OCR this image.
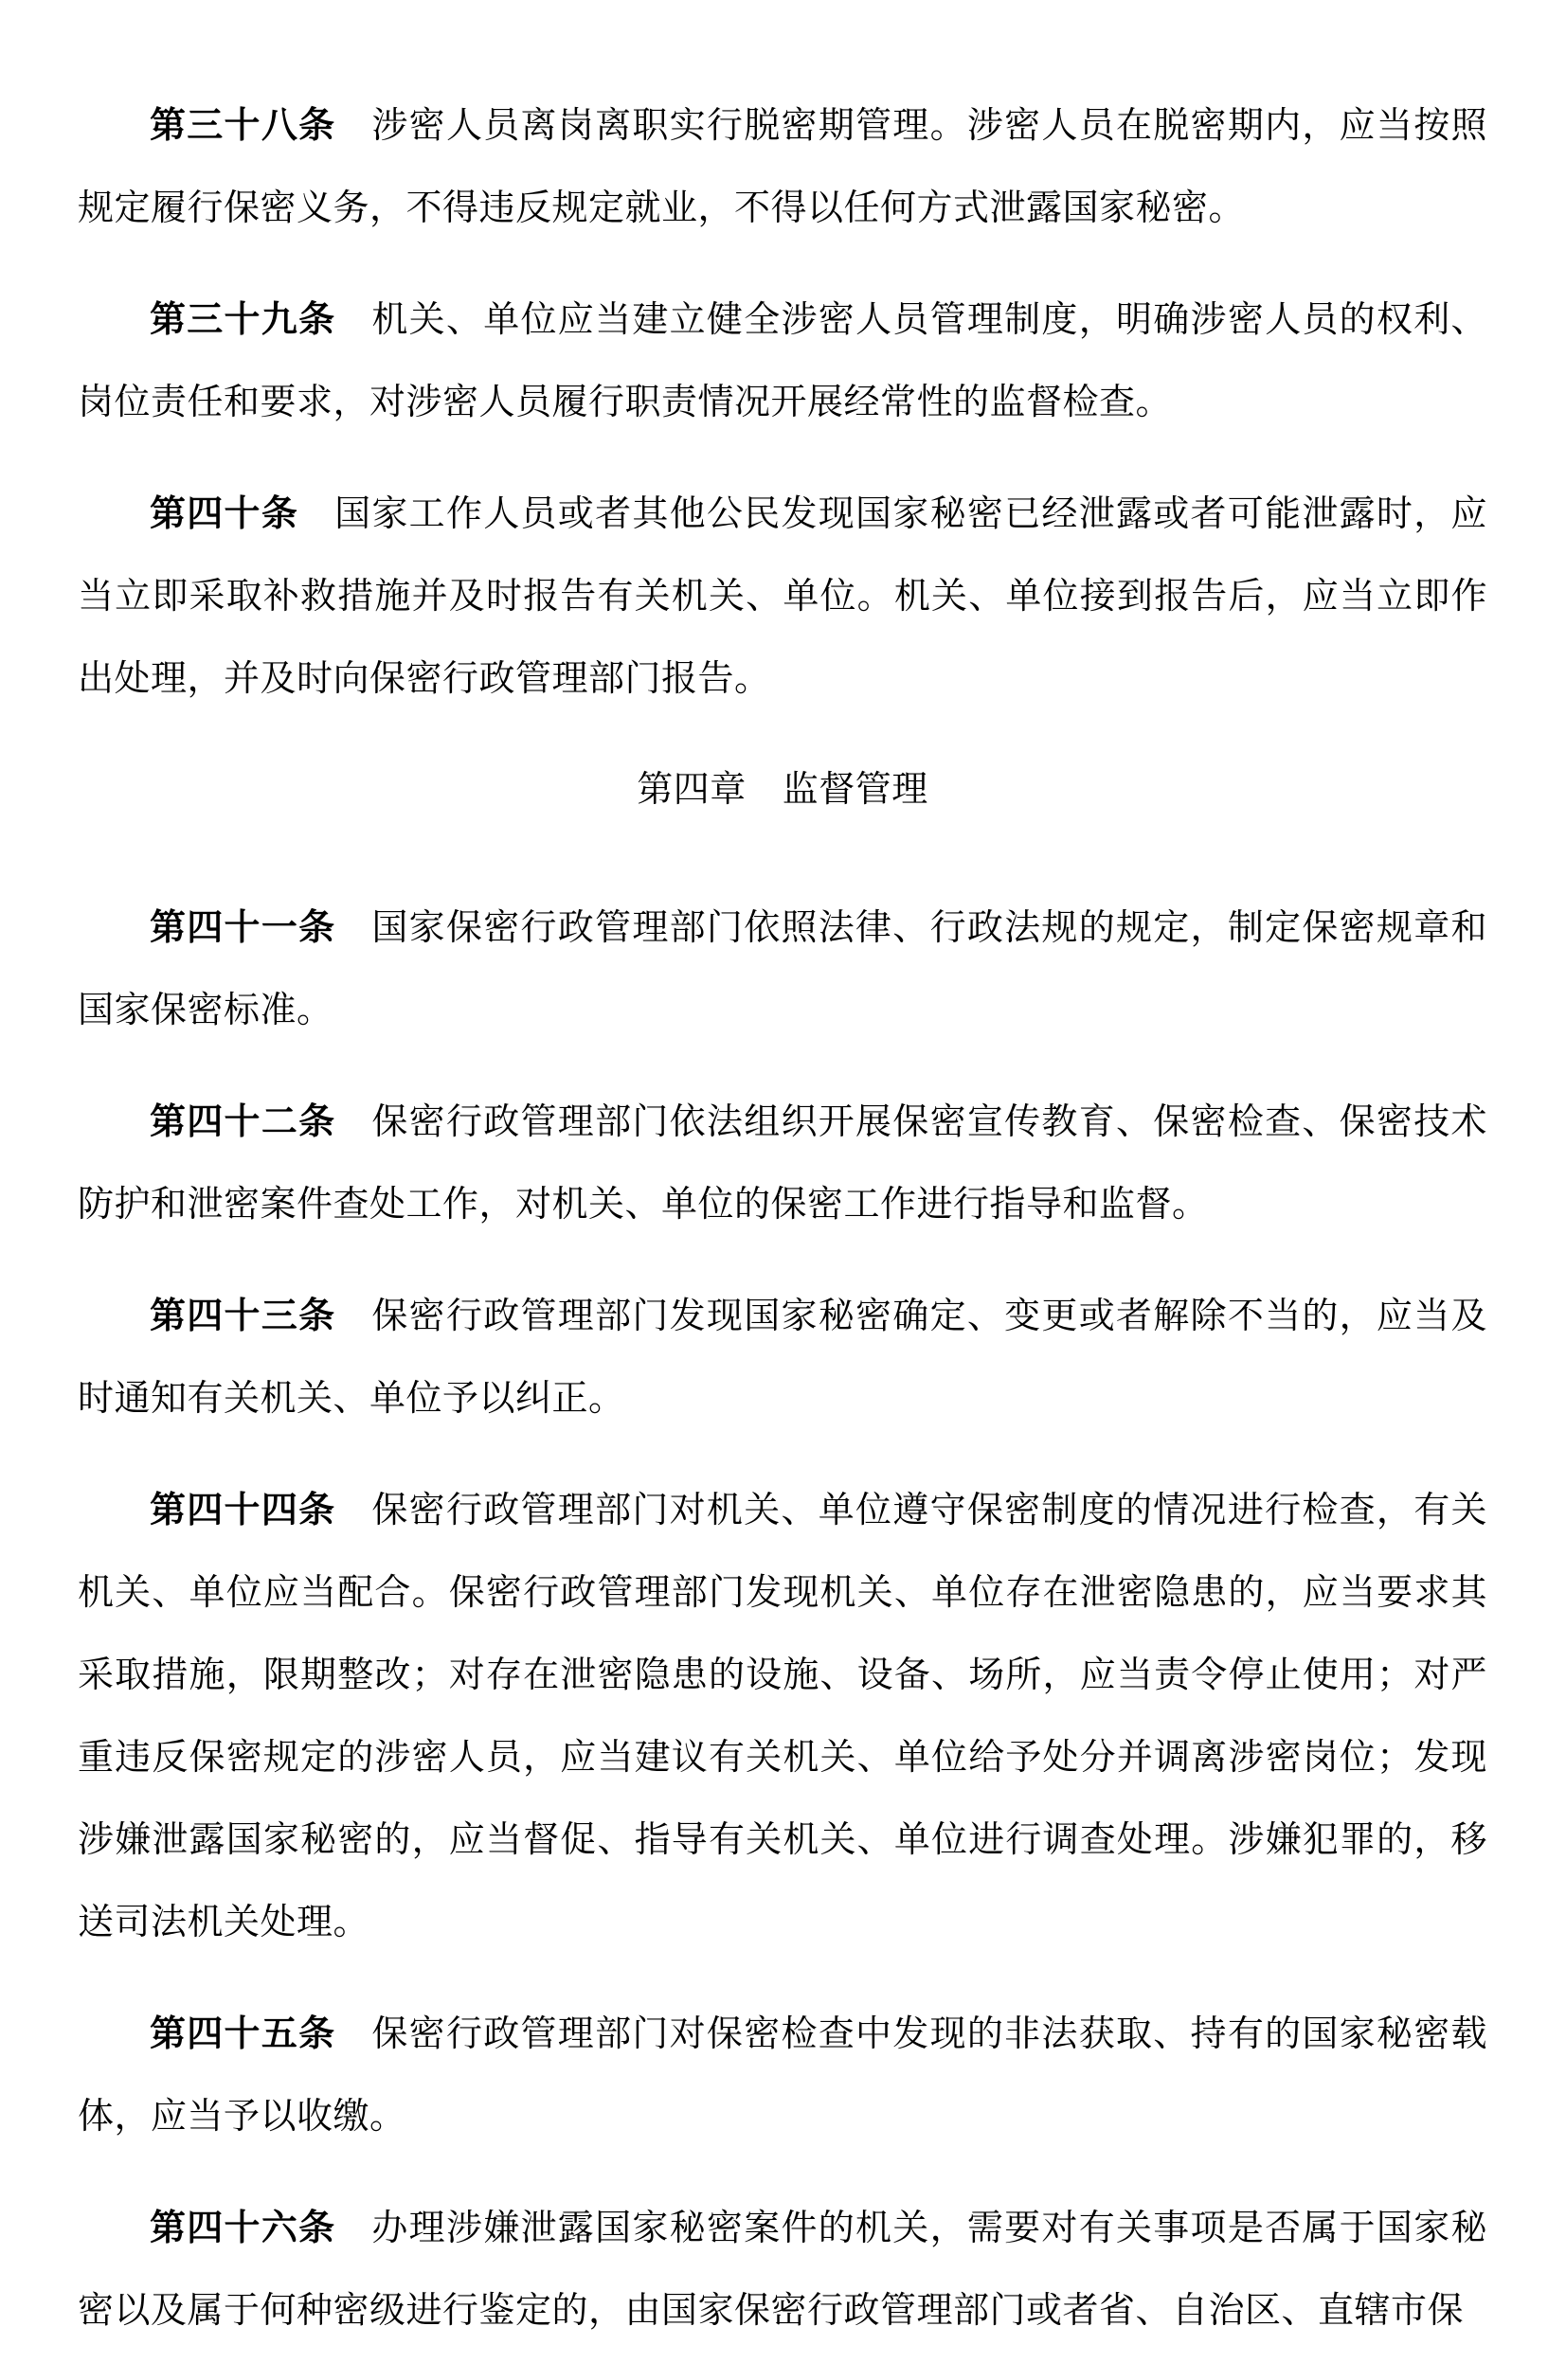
第三十八条 涉密人员离岗离职实行脱密期管理。涉密人员在脱密期内，应当按照规定履行保密义务，不得违反规定就业，不得以任何方式泄露国家秘密。

第三十九条 机关、单位应当建立健全涉密人员管理制度，明确涉密人员的权利、岗位责任和要求，对涉密人员履行职责情况开展经常性的监督检查。

第四十条 国家工作人员或者其他公民发现国家秘密已经泄露或者可能泄露时，应当立即采取补救措施并及时报告有关机关、单位。机关、单位接到报告后，应当立即作出处理，并及时向保密行政管理部门报告。

第四章 监督管理

第四十一条 国家保密行政管理部门依照法律、行政法规的规定，制定保密规章和国家保密标准。

第四十二条 保密行政管理部门依法组织开展保密宣传教育、保密检查、保密技术防护和泄密案件查处工作，对机关、单位的保密工作进行指导和监督。

第四十三条 保密行政管理部门发现国家秘密确定、变更或者解除不当的，应当及时通知有关机关、单位予以纠正。

第四十四条 保密行政管理部门对机关、单位遵守保密制度的情况进行检查，有关机关、单位应当配合。保密行政管理部门发现机关、单位存在泄密隐患的，应当要求其采取措施，限期整改；对存在泄密隐患的设施、设备、场所，应当责令停止使用；对严重违反保密规定的涉密人员，应当建议有关机关、单位给予处分并调离涉密岗位；发现涉嫌泄露国家秘密的，应当督促、指导有关机关、单位进行调查处理。涉嫌犯罪的，移送司法机关处理。

第四十五条 保密行政管理部门对保密检查中发现的非法获取、持有的国家秘密载体，应当予以收缴。

第四十六条 办理涉嫌泄露国家秘密案件的机关，需要对有关事项是否属于国家秘密以及属于何种密级进行鉴定的，由国家保密行政管理部门或者省、自治区、直辖市保
